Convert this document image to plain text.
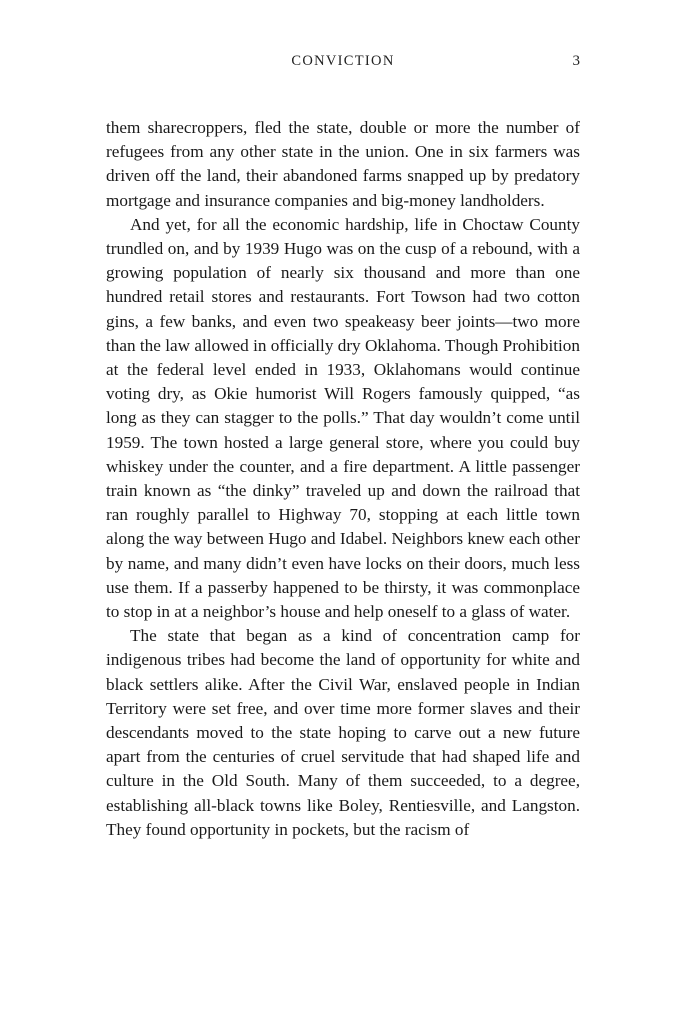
CONVICTION	3

them sharecroppers, fled the state, double or more the number of refugees from any other state in the union. One in six farmers was driven off the land, their abandoned farms snapped up by predatory mortgage and insurance companies and big-money landholders.

And yet, for all the economic hardship, life in Choctaw County trundled on, and by 1939 Hugo was on the cusp of a rebound, with a growing population of nearly six thousand and more than one hundred retail stores and restaurants. Fort Towson had two cotton gins, a few banks, and even two speakeasy beer joints—two more than the law allowed in officially dry Oklahoma. Though Prohibition at the federal level ended in 1933, Oklahomans would continue voting dry, as Okie humorist Will Rogers famously quipped, “as long as they can stagger to the polls.” That day wouldn’t come until 1959. The town hosted a large general store, where you could buy whiskey under the counter, and a fire department. A little passenger train known as “the dinky” traveled up and down the railroad that ran roughly parallel to Highway 70, stopping at each little town along the way between Hugo and Idabel. Neighbors knew each other by name, and many didn’t even have locks on their doors, much less use them. If a passerby happened to be thirsty, it was commonplace to stop in at a neighbor’s house and help oneself to a glass of water.

The state that began as a kind of concentration camp for indigenous tribes had become the land of opportunity for white and black settlers alike. After the Civil War, enslaved people in Indian Territory were set free, and over time more former slaves and their descendants moved to the state hoping to carve out a new future apart from the centuries of cruel servitude that had shaped life and culture in the Old South. Many of them succeeded, to a degree, establishing all-black towns like Boley, Rentiesville, and Langston. They found opportunity in pockets, but the racism of
